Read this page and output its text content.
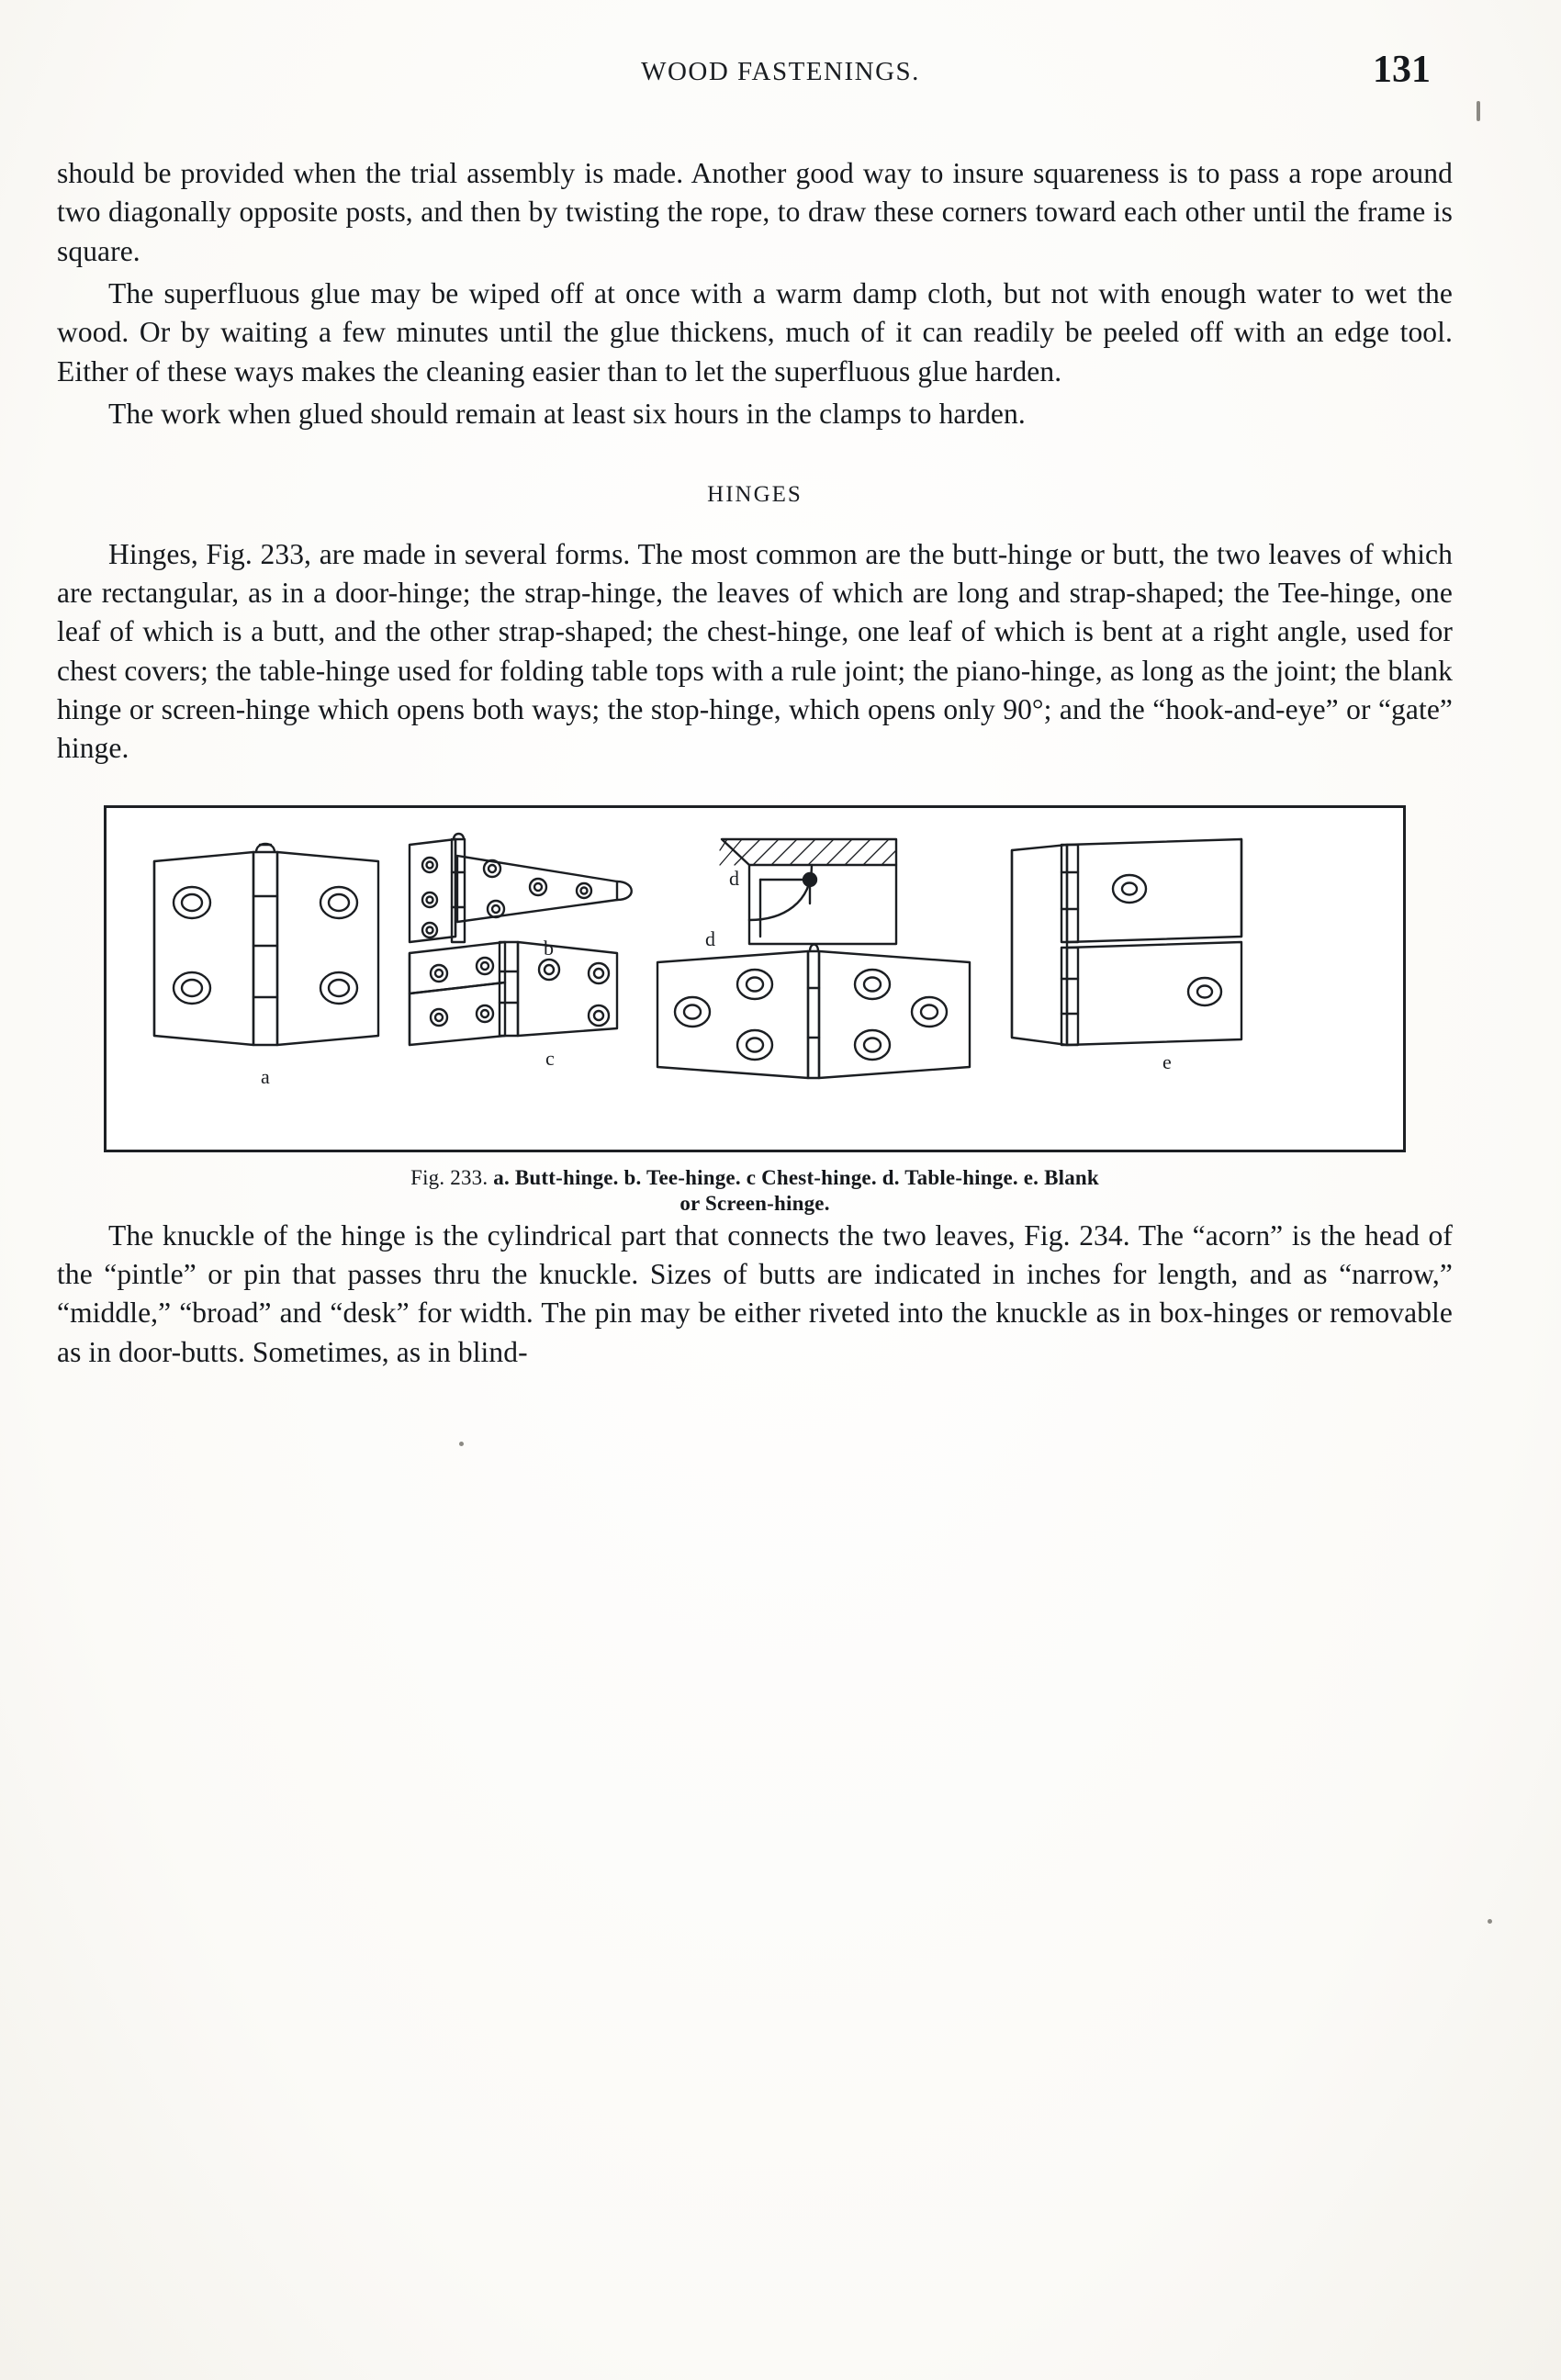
WOOD FASTENINGS.	131

should be provided when the trial assembly is made. Another good way to insure squareness is to pass a rope around two diagonally opposite posts, and then by twisting the rope, to draw these corners toward each other until the frame is square.

The superfluous glue may be wiped off at once with a warm damp cloth, but not with enough water to wet the wood. Or by waiting a few minutes until the glue thickens, much of it can readily be peeled off with an edge tool. Either of these ways makes the cleaning easier than to let the superfluous glue harden.

The work when glued should remain at least six hours in the clamps to harden.

HINGES

Hinges, Fig. 233, are made in several forms. The most common are the butt-hinge or butt, the two leaves of which are rectangular, as in a door-hinge; the strap-hinge, the leaves of which are long and strap-shaped; the Tee-hinge, one leaf of which is a butt, and the other strap-shaped; the chest-hinge, one leaf of which is bent at a right angle, used for chest covers; the table-hinge used for folding table tops with a rule joint; the piano-hinge, as long as the joint; the blank hinge or screen-hinge which opens both ways; the stop-hinge, which opens only 90°; and the “hook-and-eye” or “gate” hinge.

a
b
c
d
d
e
Fig. 233. a. Butt-hinge. b. Tee-hinge. c Chest-hinge. d. Table-hinge. e. Blank
or Screen-hinge.

The knuckle of the hinge is the cylindrical part that connects the two leaves, Fig. 234. The “acorn” is the head of the “pintle” or pin that passes thru the knuckle. Sizes of butts are indicated in inches for length, and as “narrow,” “middle,” “broad” and “desk” for width. The pin may be either riveted into the knuckle as in box-hinges or removable as in door-butts. Sometimes, as in blind-
